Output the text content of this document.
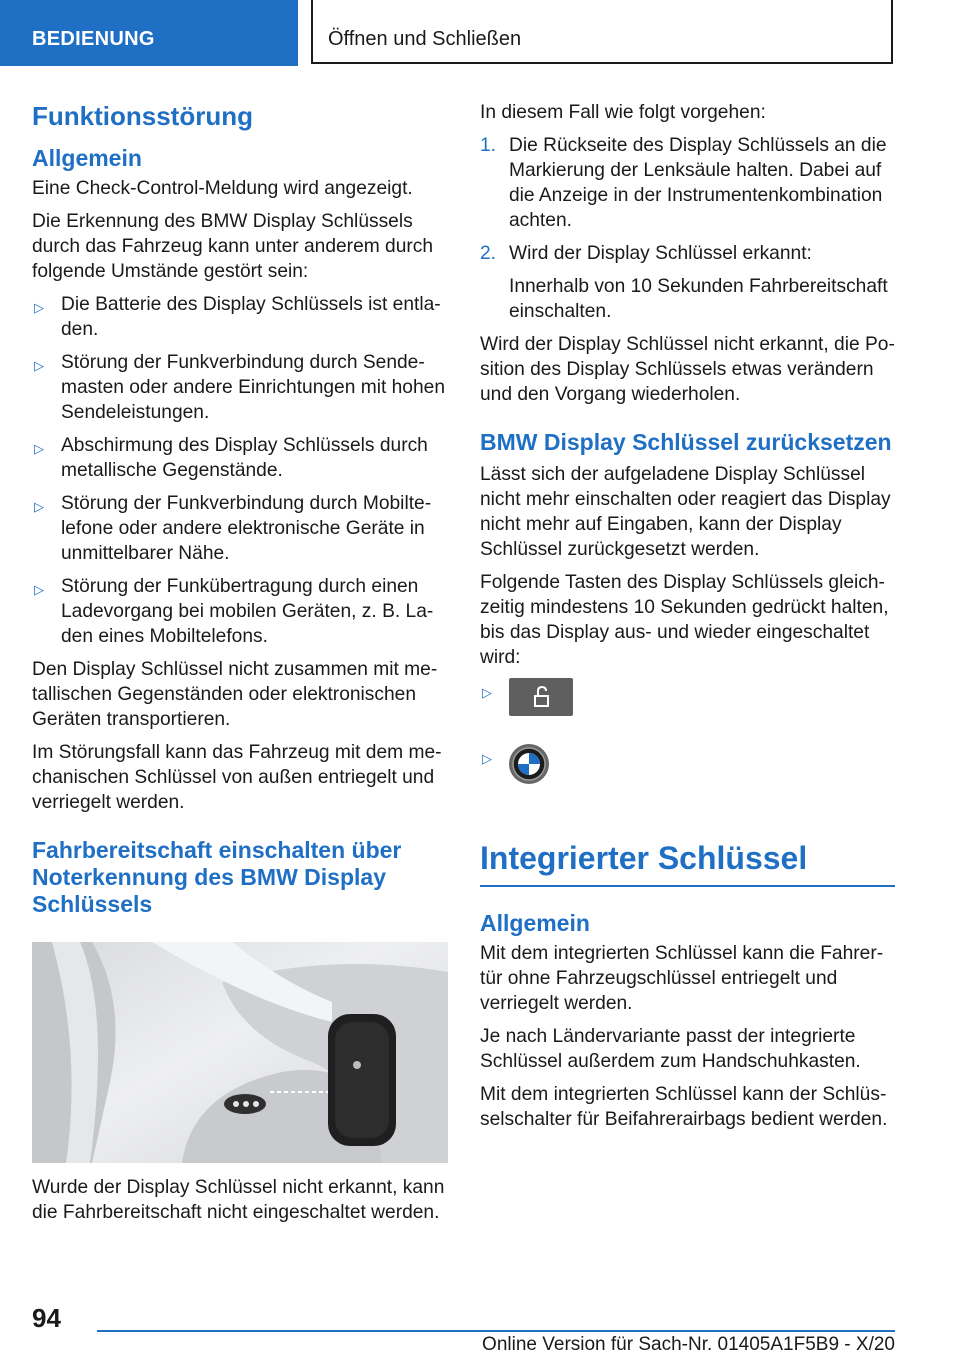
BEDIENUNG	Öffnen und Schließen
Funktionsstörung
Allgemein

Eine Check-Control-Meldung wird angezeigt.

Die Erkennung des BMW Display Schlüssels durch das Fahrzeug kann unter anderem durch folgende Umstände gestört sein:

▷ Die Batterie des Display Schlüssels ist entladen.
▷ Störung der Funkverbindung durch Sendemasten oder andere Einrichtungen mit hohen Sendeleistungen.
▷ Abschirmung des Display Schlüssels durch metallische Gegenstände.
▷ Störung der Funkverbindung durch Mobiltelefone oder andere elektronische Geräte in unmittelbarer Nähe.
▷ Störung der Funkübertragung durch einen Ladevorgang bei mobilen Geräten, z. B. Laden eines Mobiltelefons.

Den Display Schlüssel nicht zusammen mit metallischen Gegenständen oder elektronischen Geräten transportieren.

Im Störungsfall kann das Fahrzeug mit dem mechanischen Schlüssel von außen entriegelt und verriegelt werden.

Fahrbereitschaft einschalten über Noterkennung des BMW Display Schlüssels

Wurde der Display Schlüssel nicht erkannt, kann die Fahrbereitschaft nicht eingeschaltet werden.

In diesem Fall wie folgt vorgehen:

1. Die Rückseite des Display Schlüssels an die Markierung der Lenksäule halten. Dabei auf die Anzeige in der Instrumentenkombination achten.
2. Wird der Display Schlüssel erkannt:
Innerhalb von 10 Sekunden Fahrbereitschaft einschalten.

Wird der Display Schlüssel nicht erkannt, die Position des Display Schlüssels etwas verändern und den Vorgang wiederholen.

BMW Display Schlüssel zurücksetzen

Lässt sich der aufgeladene Display Schlüssel nicht mehr einschalten oder reagiert das Display nicht mehr auf Eingaben, kann der Display Schlüssel zurückgesetzt werden.

Folgende Tasten des Display Schlüssels gleichzeitig mindestens 10 Sekunden gedrückt halten, bis das Display aus- und wieder eingeschaltet wird:

▷
▷
Integrierter Schlüssel
Allgemein

Mit dem integrierten Schlüssel kann die Fahrertür ohne Fahrzeugschlüssel entriegelt und verriegelt werden.

Je nach Ländervariante passt der integrierte Schlüssel außerdem zum Handschuhkasten.

Mit dem integrierten Schlüssel kann der Schlüsselschalter für Beifahrerairbags bedient werden.

94
Online Version für Sach-Nr. 01405A1F5B9 - X/20
